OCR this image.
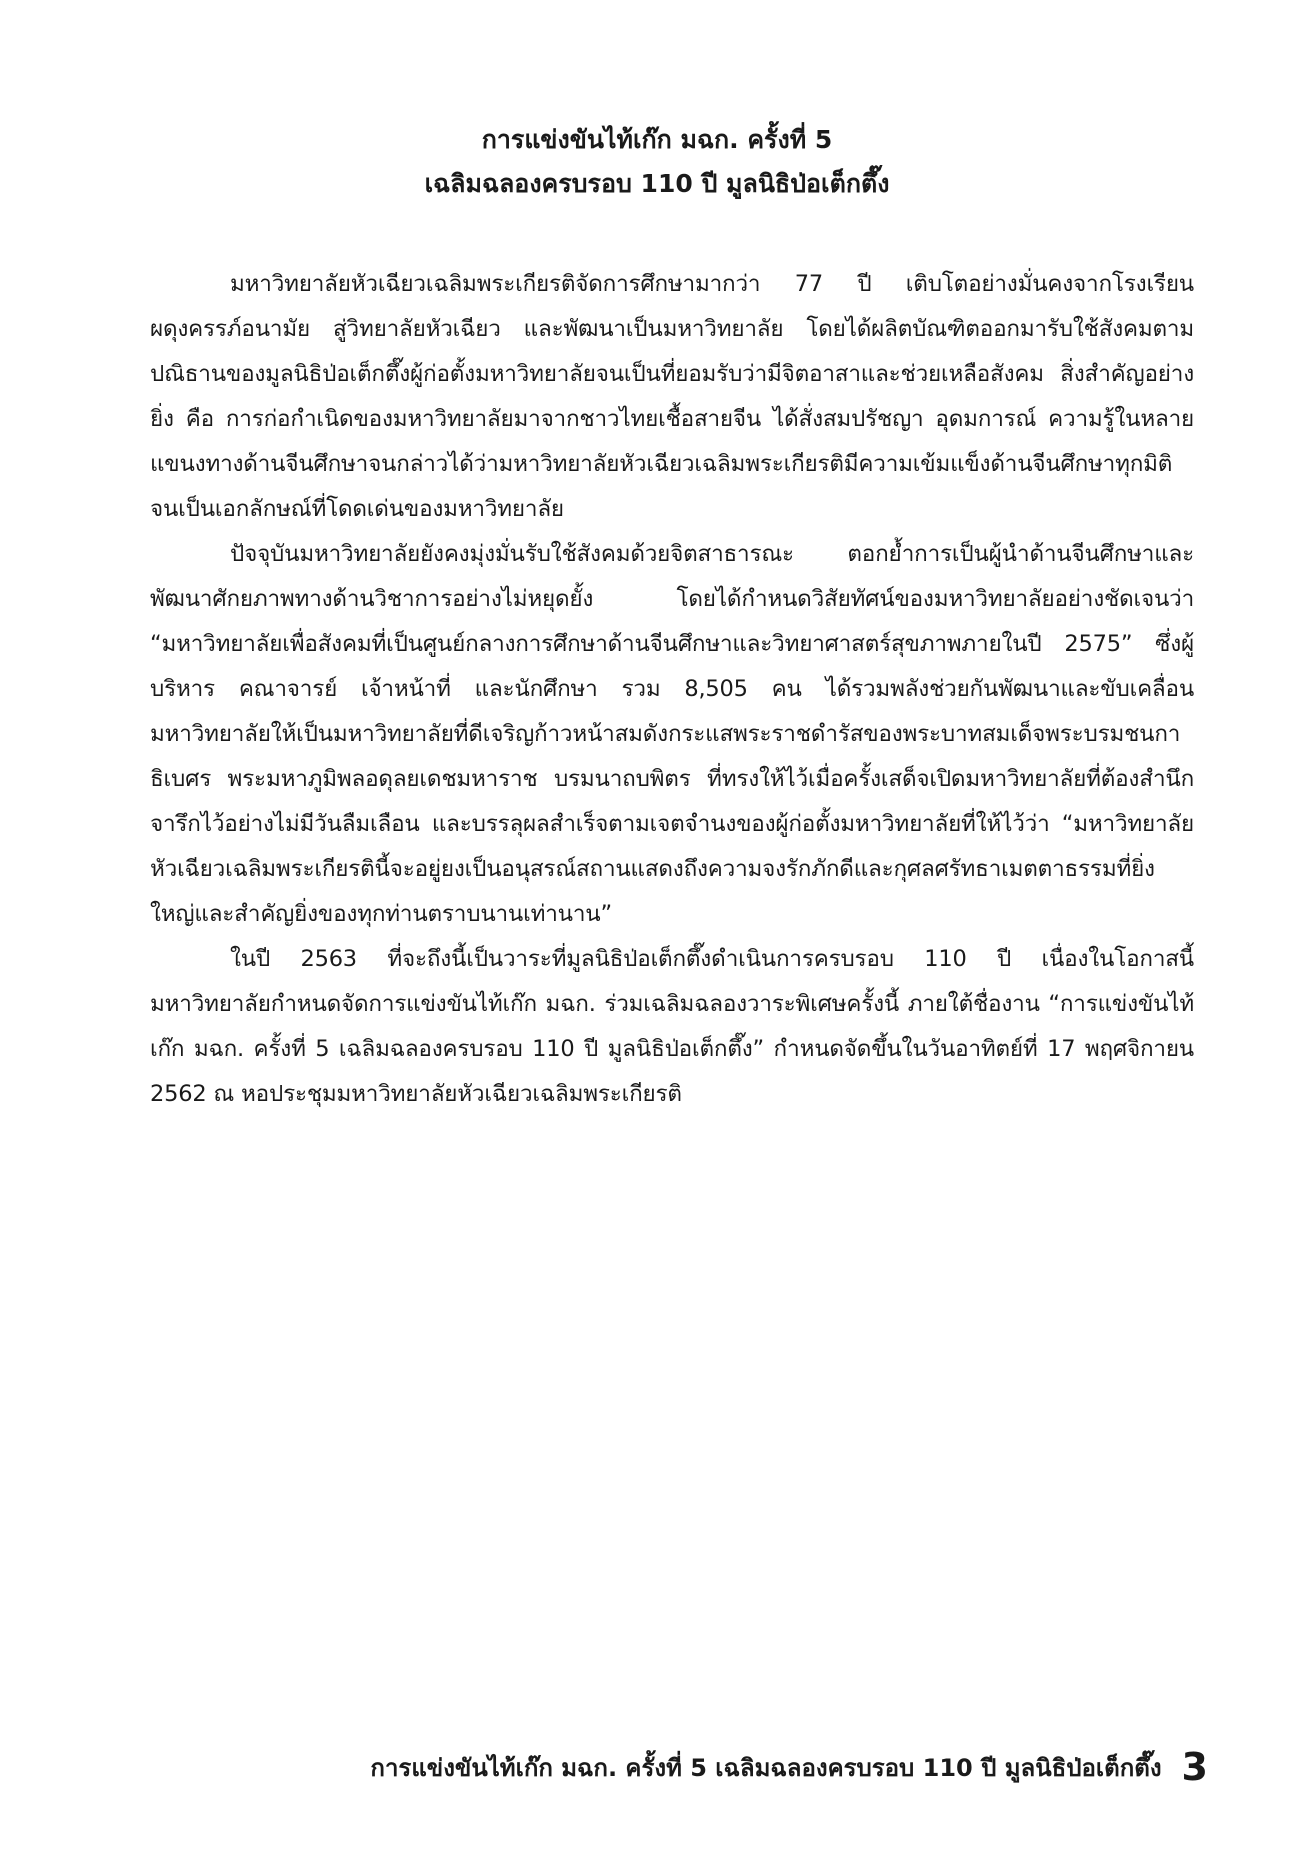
การแข่งขันไท้เก๊ก มฉก. ครั้งที่ 5
เฉลิมฉลองครบรอบ 110 ปี มูลนิธิป่อเต็กตึ๊ง

มหาวิทยาลัยหัวเฉียวเฉลิมพระเกียรติจัดการศึกษามากว่า 77 ปี เติบโตอย่างมั่นคงจากโรงเรียนผดุงครรภ์อนามัย สู่วิทยาลัยหัวเฉียว และพัฒนาเป็นมหาวิทยาลัย โดยได้ผลิตบัณฑิตออกมารับใช้สังคมตามปณิธานของมูลนิธิป่อเต็กตึ๊งผู้ก่อตั้งมหาวิทยาลัยจนเป็นที่ยอมรับว่ามีจิตอาสาและช่วยเหลือสังคม สิ่งสำคัญอย่างยิ่ง คือ การก่อกำเนิดของมหาวิทยาลัยมาจากชาวไทยเชื้อสายจีน ได้สั่งสมปรัชญา อุดมการณ์ ความรู้ในหลายแขนงทางด้านจีนศึกษาจนกล่าวได้ว่ามหาวิทยาลัยหัวเฉียวเฉลิมพระเกียรติมีความเข้มแข็งด้านจีนศึกษาทุกมิติจนเป็นเอกลักษณ์ที่โดดเด่นของมหาวิทยาลัย

ปัจจุบันมหาวิทยาลัยยังคงมุ่งมั่นรับใช้สังคมด้วยจิตสาธารณะ ตอกย้ำการเป็นผู้นำด้านจีนศึกษาและพัฒนาศักยภาพทางด้านวิชาการอย่างไม่หยุดยั้ง โดยได้กำหนดวิสัยทัศน์ของมหาวิทยาลัยอย่างชัดเจนว่า “มหาวิทยาลัยเพื่อสังคมที่เป็นศูนย์กลางการศึกษาด้านจีนศึกษาและวิทยาศาสตร์สุขภาพภายในปี 2575” ซึ่งผู้บริหาร คณาจารย์ เจ้าหน้าที่ และนักศึกษา รวม 8,505 คน ได้รวมพลังช่วยกันพัฒนาและขับเคลื่อนมหาวิทยาลัยให้เป็นมหาวิทยาลัยที่ดีเจริญก้าวหน้าสมดังกระแสพระราชดำรัสของพระบาทสมเด็จพระบรมชนกาธิเบศร พระมหาภูมิพลอดุลยเดชมหาราช บรมนาถบพิตร ที่ทรงให้ไว้เมื่อครั้งเสด็จเปิดมหาวิทยาลัยที่ต้องสำนึกจารึกไว้อย่างไม่มีวันลืมเลือน และบรรลุผลสำเร็จตามเจตจำนงของผู้ก่อตั้งมหาวิทยาลัยที่ให้ไว้ว่า “มหาวิทยาลัยหัวเฉียวเฉลิมพระเกียรตินี้จะอยู่ยงเป็นอนุสรณ์สถานแสดงถึงความจงรักภักดีและกุศลศรัทธาเมตตาธรรมที่ยิ่งใหญ่และสำคัญยิ่งของทุกท่านตราบนานเท่านาน”

ในปี 2563 ที่จะถึงนี้เป็นวาระที่มูลนิธิป่อเต็กตึ๊งดำเนินการครบรอบ 110 ปี เนื่องในโอกาสนี้มหาวิทยาลัยกำหนดจัดการแข่งขันไท้เก๊ก มฉก. ร่วมเฉลิมฉลองวาระพิเศษครั้งนี้ ภายใต้ชื่องาน “การแข่งขันไท้เก๊ก มฉก. ครั้งที่ 5 เฉลิมฉลองครบรอบ 110 ปี มูลนิธิป่อเต็กตึ๊ง” กำหนดจัดขึ้นในวันอาทิตย์ที่ 17 พฤศจิกายน 2562 ณ หอประชุมมหาวิทยาลัยหัวเฉียวเฉลิมพระเกียรติ

การแข่งขันไท้เก๊ก มฉก. ครั้งที่ 5 เฉลิมฉลองครบรอบ 110 ปี มูลนิธิป่อเต็กตึ๊ง 3
